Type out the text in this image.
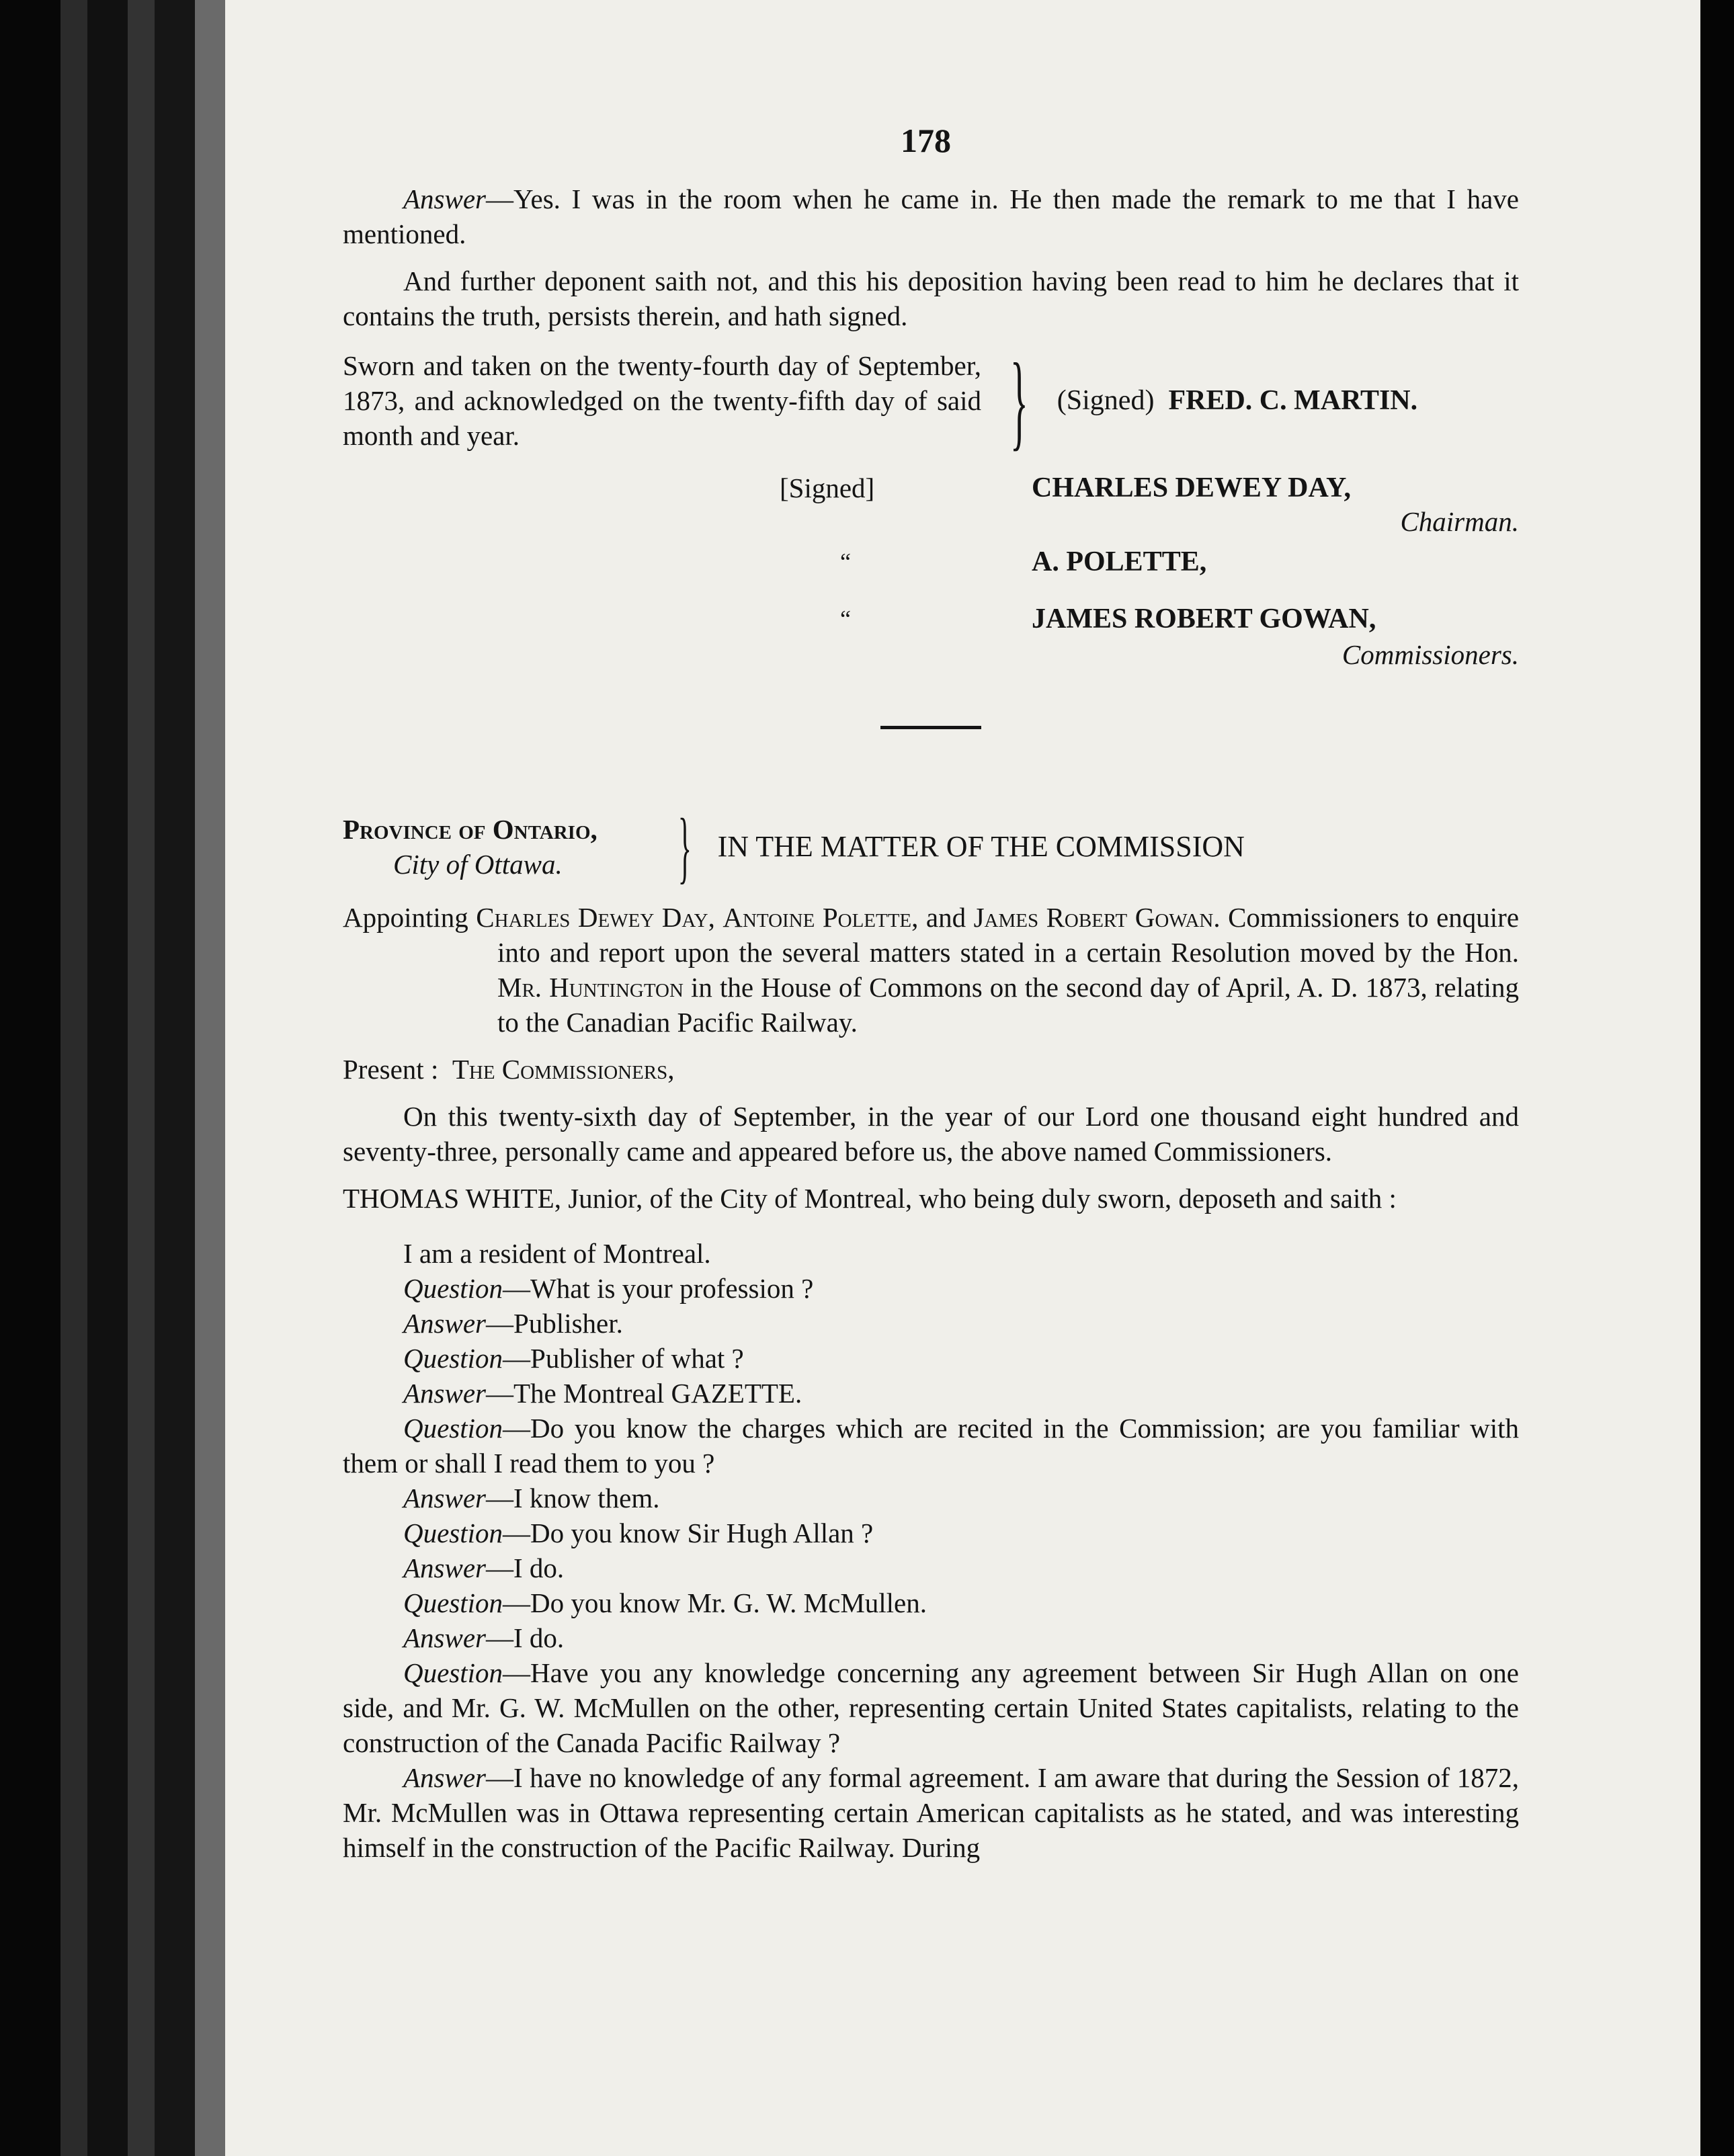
178

Answer—Yes. I was in the room when he came in. He then made the remark to me that I have mentioned.

And further deponent saith not, and this his deposition having been read to him he declares that it contains the truth, persists therein, and hath signed.

Sworn and taken on the twenty-fourth day of September, 1873, and acknowledged on the twenty-fifth day of said month and year.	} (Signed) FRED. C. MARTIN.
[Signed]	CHARLES DEWEY DAY,
Chairman.
“	A. POLETTE,
“	JAMES ROBERT GOWAN,
Commissioners.
Province of Ontario,
City of Ottawa.	} IN THE MATTER OF THE COMMISSION

Appointing Charles Dewey Day, Antoine Polette, and James Robert Gowan. Commissioners to enquire into and report upon the several matters stated in a certain Resolution moved by the Hon. Mr. Huntington in the House of Commons on the second day of April, A. D. 1873, relating to the Canadian Pacific Railway.

Present : The Commissioners,

On this twenty-sixth day of September, in the year of our Lord one thousand eight hundred and seventy-three, personally came and appeared before us, the above named Commissioners.

THOMAS WHITE, Junior, of the City of Montreal, who being duly sworn, deposeth and saith :

I am a resident of Montreal.

Question—What is your profession ?

Answer—Publisher.

Question—Publisher of what ?

Answer—The Montreal GAZETTE.

Question—Do you know the charges which are recited in the Commission; are you familiar with them or shall I read them to you ?

Answer—I know them.

Question—Do you know Sir Hugh Allan ?

Answer—I do.

Question—Do you know Mr. G. W. McMullen.

Answer—I do.

Question—Have you any knowledge concerning any agreement between Sir Hugh Allan on one side, and Mr. G. W. McMullen on the other, representing certain United States capitalists, relating to the construction of the Canada Pacific Railway ?

Answer—I have no knowledge of any formal agreement. I am aware that during the Session of 1872, Mr. McMullen was in Ottawa representing certain American capitalists as he stated, and was interesting himself in the construction of the Pacific Railway. During
